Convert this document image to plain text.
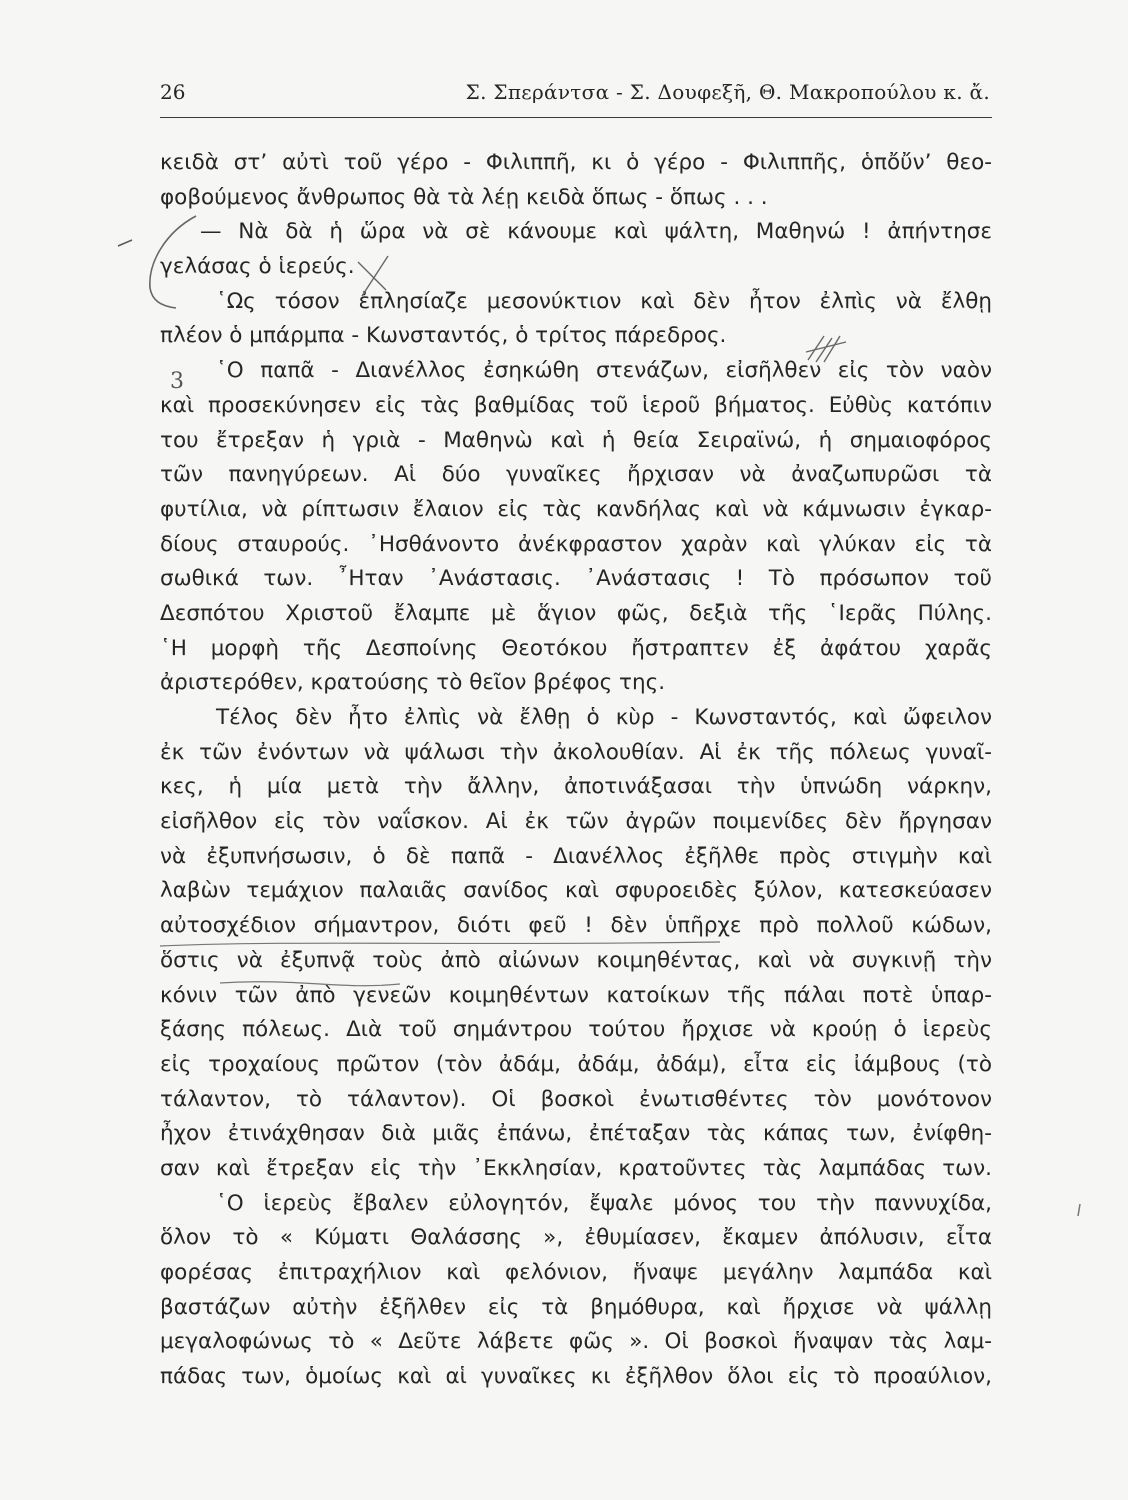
26	Σ. Σπεράντσα - Σ. Δουφεξῆ, Θ. Μακροπούλου κ. ἄ.
κειδὰ στ’ αὐτὶ τοῦ γέρο - Φιλιππῆ, κι ὁ γέρο - Φιλιππῆς, ὁπὄὔν’ θεο-
φοβούμενος ἄνθρωπος θὰ τὰ λέῃ κειδὰ ὅπως - ὅπως . . .
— Νὰ δὰ ἡ ὥρα νὰ σὲ κάνουμε καὶ ψάλτη, Μαθηνώ ! ἀπήντησε
γελάσας ὁ ἱερεύς.
῾Ως τόσον ἐπλησίαζε μεσονύκτιον καὶ δὲν ἦτον ἐλπὶς νὰ ἔλθῃ
πλέον ὁ μπάρμπα - Κωνσταντός, ὁ τρίτος πάρεδρος.
῾Ο παπᾶ - Διανέλλος ἐσηκώθη στενάζων, εἰσῆλθεν εἰς τὸν ναὸν
καὶ προσεκύνησεν εἰς τὰς βαθμίδας τοῦ ἱεροῦ βήματος. Εὐθὺς κατόπιν
του ἔτρεξαν ἡ γριὰ - Μαθηνὼ καὶ ἡ θεία Σειραϊνώ, ἡ σημαιοφόρος
τῶν πανηγύρεων. Αἱ δύο γυναῖκες ἤρχισαν νὰ ἀναζωπυρῶσι τὰ
φυτίλια, νὰ ρίπτωσιν ἔλαιον εἰς τὰς κανδήλας καὶ νὰ κάμνωσιν ἐγκαρ-
δίους σταυρούς. ᾿Ησθάνοντο ἀνέκφραστον χαρὰν καὶ γλύκαν εἰς τὰ
σωθικά των. ῏Ηταν ᾿Ανάστασις. ᾿Ανάστασις ! Τὸ πρόσωπον τοῦ
Δεσπότου Χριστοῦ ἔλαμπε μὲ ἅγιον φῶς, δεξιὰ τῆς ῾Ιερᾶς Πύλης.
῾Η μορφὴ τῆς Δεσποίνης Θεοτόκου ἤστραπτεν ἐξ ἀφάτου χαρᾶς
ἀριστερόθεν, κρατούσης τὸ θεῖον βρέφος της.
Τέλος δὲν ἦτο ἐλπὶς νὰ ἔλθῃ ὁ κὺρ - Κωνσταντός, καὶ ὤφειλον
ἐκ τῶν ἐνόντων νὰ ψάλωσι τὴν ἀκολουθίαν. Αἱ ἐκ τῆς πόλεως γυναῖ-
κες, ἡ μία μετὰ τὴν ἄλλην, ἀποτινάξασαι τὴν ὑπνώδη νάρκην,
εἰσῆλθον εἰς τὸν ναΐσκον. Αἱ ἐκ τῶν ἀγρῶν ποιμενίδες δὲν ἤργησαν
νὰ ἐξυπνήσωσιν, ὁ δὲ παπᾶ - Διανέλλος ἐξῆλθε πρὸς στιγμὴν καὶ
λαβὼν τεμάχιον παλαιᾶς σανίδος καὶ σφυροειδὲς ξύλον, κατεσκεύασεν
αὐτοσχέδιον σήμαντρον, διότι φεῦ ! δὲν ὑπῆρχε πρὸ πολλοῦ κώδων,
ὅστις νὰ ἐξυπνᾷ τοὺς ἀπὸ αἰώνων κοιμηθέντας, καὶ νὰ συγκινῇ τὴν
κόνιν τῶν ἀπὸ γενεῶν κοιμηθέντων κατοίκων τῆς πάλαι ποτὲ ὑπαρ-
ξάσης πόλεως. Διὰ τοῦ σημάντρου τούτου ἤρχισε νὰ κρούῃ ὁ ἱερεὺς
εἰς τροχαίους πρῶτον (τὸν ἀδάμ, ἀδάμ, ἀδάμ), εἶτα εἰς ἰάμβους (τὸ
τάλαντον, τὸ τάλαντον). Οἱ βοσκοὶ ἐνωτισθέντες τὸν μονότονον
ἦχον ἐτινάχθησαν διὰ μιᾶς ἐπάνω, ἐπέταξαν τὰς κάπας των, ἐνίφθη-
σαν καὶ ἔτρεξαν εἰς τὴν ᾿Εκκλησίαν, κρατοῦντες τὰς λαμπάδας των.
῾Ο ἱερεὺς ἔβαλεν εὐλογητόν, ἔψαλε μόνος του τὴν παννυχίδα,
ὅλον τὸ « Κύματι Θαλάσσης », ἐθυμίασεν, ἔκαμεν ἀπόλυσιν, εἶτα
φορέσας ἐπιτραχήλιον καὶ φελόνιον, ἥναψε μεγάλην λαμπάδα καὶ
βαστάζων αὐτὴν ἐξῆλθεν εἰς τὰ βημόθυρα, καὶ ἤρχισε νὰ ψάλλῃ
μεγαλοφώνως τὸ « Δεῦτε λάβετε φῶς ». Οἱ βοσκοὶ ἥναψαν τὰς λαμ-
πάδας των, ὁμοίως καὶ αἱ γυναῖκες κι ἐξῆλθον ὅλοι εἰς τὸ προαύλιον,
3
